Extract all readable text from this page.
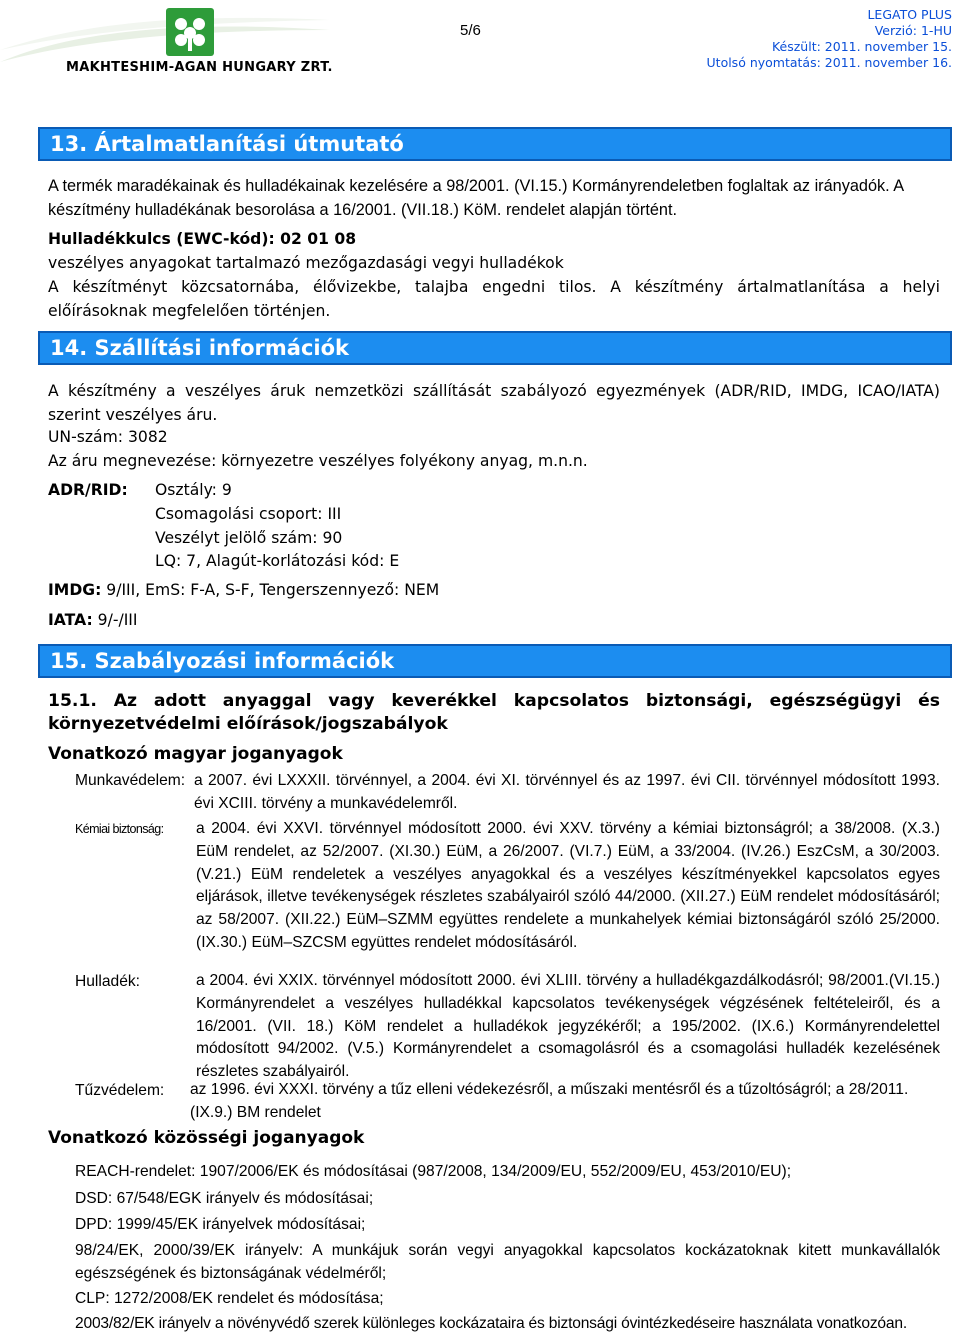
MAKHTESHIM-AGAN HUNGARY ZRT.
5/6
LEGATO PLUS
Verzió: 1-HU
Készült: 2011. november 15.
Utolsó nyomtatás: 2011. november 16.
13. Ártalmatlanítási útmutató
A termék maradékainak és hulladékainak kezelésére a 98/2001. (VI.15.) Kormányrendeletben foglaltak az irányadók. A készítmény hulladékának besorolása a 16/2001. (VII.18.) KöM. rendelet alapján történt.
Hulladékkulcs (EWC-kód): 02 01 08
veszélyes anyagokat tartalmazó mezőgazdasági vegyi hulladékok
A készítményt közcsatornába, élővizekbe, talajba engedni tilos. A készítmény ártalmatlanítása a helyi előírásoknak megfelelően történjen.
14. Szállítási információk
A készítmény a veszélyes áruk nemzetközi szállítását szabályozó egyezmények (ADR/RID, IMDG, ICAO/IATA) szerint veszélyes áru.
UN-szám: 3082
Az áru megnevezése: környezetre veszélyes folyékony anyag, m.n.n.
ADR/RID: Osztály: 9
Csomagolási csoport: III
Veszélyt jelölő szám: 90
LQ: 7, Alagút-korlátozási kód: E
IMDG: 9/III, EmS: F-A, S-F, Tengerszennyező: NEM
IATA: 9/-/III
15. Szabályozási információk
15.1. Az adott anyaggal vagy keverékkel kapcsolatos biztonsági, egészségügyi és környezetvédelmi előírások/jogszabályok
Vonatkozó magyar joganyagok
Munkavédelem: a 2007. évi LXXXII. törvénnyel, a 2004. évi XI. törvénnyel és az 1997. évi CII. törvénnyel módosított 1993. évi XCIII. törvény a munkavédelemről.
Kémiai biztonság: a 2004. évi XXVI. törvénnyel módosított 2000. évi XXV. törvény a kémiai biztonságról; a 38/2008. (X.3.) EüM rendelet, az 52/2007. (XI.30.) EüM, a 26/2007. (VI.7.) EüM, a 33/2004. (IV.26.) EszCsM, a 30/2003. (V.21.) EüM rendeletek a veszélyes anyagokkal és a veszélyes készítményekkel kapcsolatos egyes eljárások, illetve tevékenységek részletes szabályairól szóló 44/2000. (XII.27.) EüM rendelet módosításáról; az 58/2007. (XII.22.) EüM–SZMM együttes rendelete a munkahelyek kémiai biztonságáról szóló 25/2000. (IX.30.) EüM–SZCSM együttes rendelet módosításáról.
Hulladék:	a 2004. évi XXIX. törvénnyel módosított 2000. évi XLIII. törvény a hulladékgazdálkodásról; 98/2001.(VI.15.) Kormányrendelet a veszélyes hulladékkal kapcsolatos tevékenységek végzésének feltételeiről, és a 16/2001. (VII. 18.) KöM rendelet a hulladékok jegyzékéről; a 195/2002. (IX.6.) Kormányrendelettel módosított 94/2002. (V.5.) Kormányrendelet a csomagolásról és a csomagolási hulladék kezelésének részletes szabályairól.
Tűzvédelem: az 1996. évi XXXI. törvény a tűz elleni védekezésről, a műszaki mentésről és a tűzoltóságról; a 28/2011. (IX.9.) BM rendelet
Vonatkozó közösségi joganyagok
REACH-rendelet: 1907/2006/EK és módosításai (987/2008, 134/2009/EU, 552/2009/EU, 453/2010/EU);
DSD: 67/548/EGK irányelv és módosításai;
DPD: 1999/45/EK irányelvek módosításai;
98/24/EK, 2000/39/EK irányelv: A munkájuk során vegyi anyagokkal kapcsolatos kockázatoknak kitett munkavállalók egészségének és biztonságának védelméről;
CLP: 1272/2008/EK rendelet és módosítása;
2003/82/EK irányelv a növényvédő szerek különleges kockázataira és biztonsági óvintézkedéseire használata vonatkozóan.
